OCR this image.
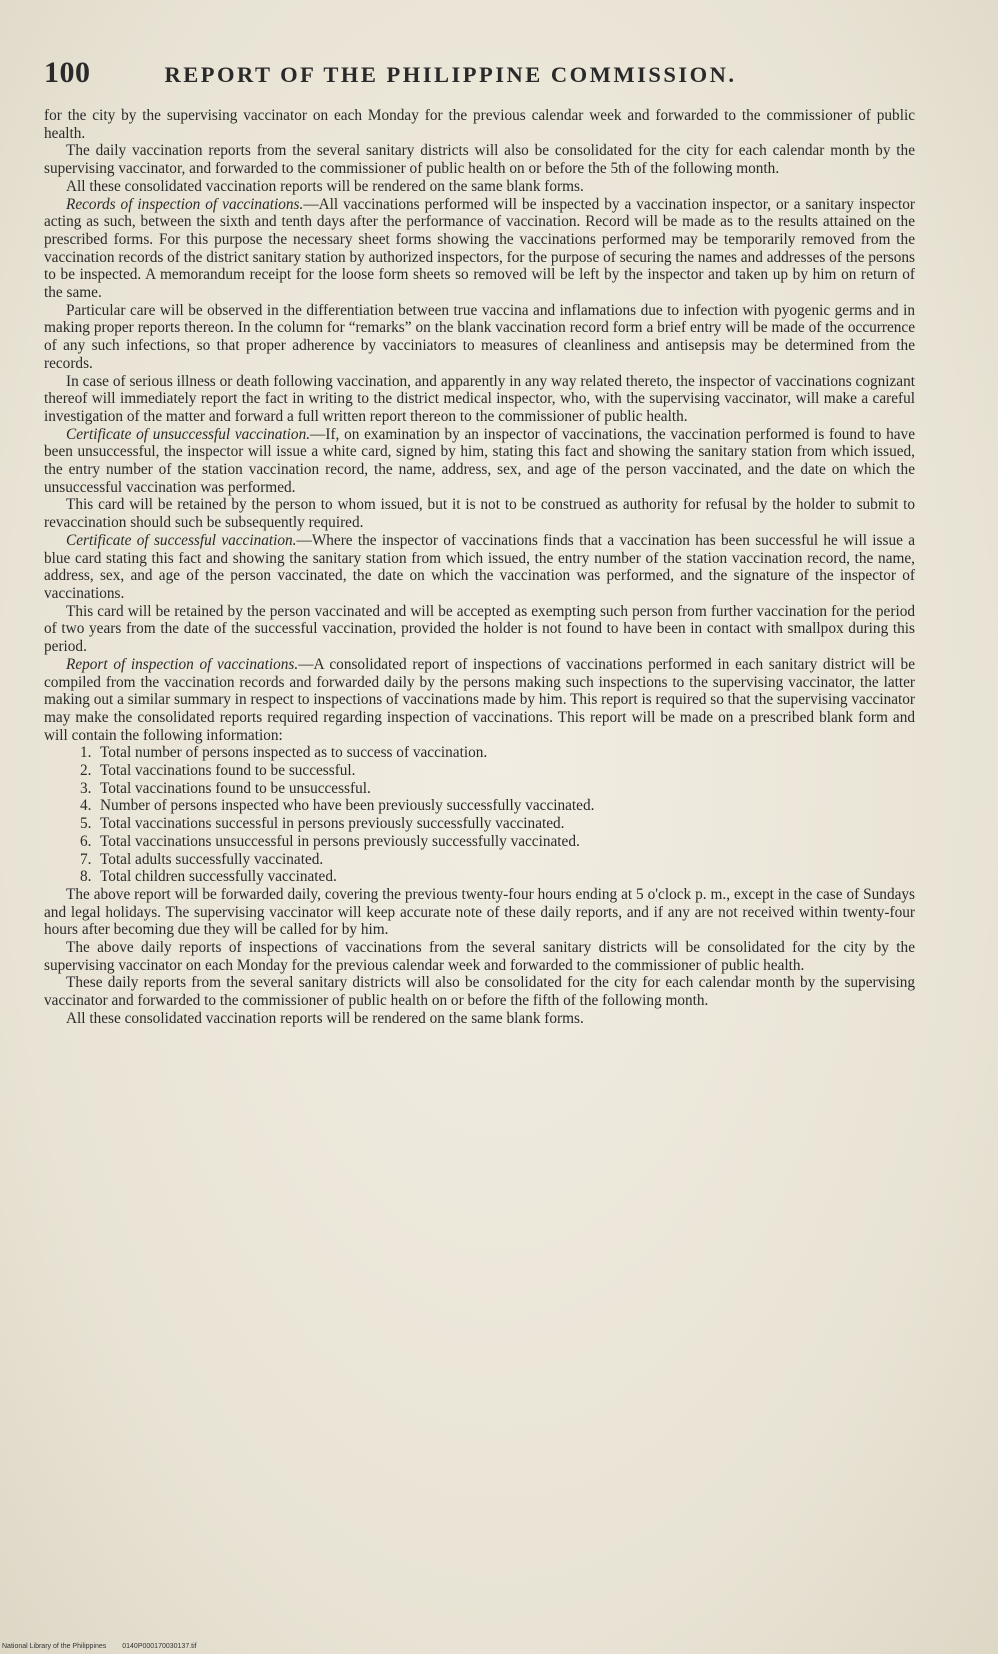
100	REPORT OF THE PHILIPPINE COMMISSION.

for the city by the supervising vaccinator on each Monday for the previous calendar week and forwarded to the commissioner of public health.

The daily vaccination reports from the several sanitary districts will also be consolidated for the city for each calendar month by the supervising vaccinator, and forwarded to the commissioner of public health on or before the 5th of the following month.

All these consolidated vaccination reports will be rendered on the same blank forms.

Records of inspection of vaccinations.—All vaccinations performed will be inspected by a vaccination inspector, or a sanitary inspector acting as such, between the sixth and tenth days after the performance of vaccination. Record will be made as to the results attained on the prescribed forms. For this purpose the necessary sheet forms showing the vaccinations performed may be temporarily removed from the vaccination records of the district sanitary station by authorized inspectors, for the purpose of securing the names and addresses of the persons to be inspected. A memorandum receipt for the loose form sheets so removed will be left by the inspector and taken up by him on return of the same.

Particular care will be observed in the differentiation between true vaccina and inflamations due to infection with pyogenic germs and in making proper reports thereon. In the column for “remarks” on the blank vaccination record form a brief entry will be made of the occurrence of any such infections, so that proper adherence by vacciniators to measures of cleanliness and antisepsis may be determined from the records.

In case of serious illness or death following vaccination, and apparently in any way related thereto, the inspector of vaccinations cognizant thereof will immediately report the fact in writing to the district medical inspector, who, with the supervising vaccinator, will make a careful investigation of the matter and forward a full written report thereon to the commissioner of public health.

Certificate of unsuccessful vaccination.—If, on examination by an inspector of vaccinations, the vaccination performed is found to have been unsuccessful, the inspector will issue a white card, signed by him, stating this fact and showing the sanitary station from which issued, the entry number of the station vaccination record, the name, address, sex, and age of the person vaccinated, and the date on which the unsuccessful vaccination was performed.

This card will be retained by the person to whom issued, but it is not to be construed as authority for refusal by the holder to submit to revaccination should such be subsequently required.

Certificate of successful vaccination.—Where the inspector of vaccinations finds that a vaccination has been successful he will issue a blue card stating this fact and showing the sanitary station from which issued, the entry number of the station vaccination record, the name, address, sex, and age of the person vaccinated, the date on which the vaccination was performed, and the signature of the inspector of vaccinations.

This card will be retained by the person vaccinated and will be accepted as exempting such person from further vaccination for the period of two years from the date of the successful vaccination, provided the holder is not found to have been in contact with smallpox during this period.

Report of inspection of vaccinations.—A consolidated report of inspections of vaccinations performed in each sanitary district will be compiled from the vaccination records and forwarded daily by the persons making such inspections to the supervising vaccinator, the latter making out a similar summary in respect to inspections of vaccinations made by him. This report is required so that the supervising vaccinator may make the consolidated reports required regarding inspection of vaccinations. This report will be made on a prescribed blank form and will contain the following information:

1. Total number of persons inspected as to success of vaccination.
2. Total vaccinations found to be successful.
3. Total vaccinations found to be unsuccessful.
4. Number of persons inspected who have been previously successfully vaccinated.
5. Total vaccinations successful in persons previously successfully vaccinated.
6. Total vaccinations unsuccessful in persons previously successfully vaccinated.
7. Total adults successfully vaccinated.
8. Total children successfully vaccinated.

The above report will be forwarded daily, covering the previous twenty-four hours ending at 5 o'clock p. m., except in the case of Sundays and legal holidays. The supervising vaccinator will keep accurate note of these daily reports, and if any are not received within twenty-four hours after becoming due they will be called for by him.

The above daily reports of inspections of vaccinations from the several sanitary districts will be consolidated for the city by the supervising vaccinator on each Monday for the previous calendar week and forwarded to the commissioner of public health.

These daily reports from the several sanitary districts will also be consolidated for the city for each calendar month by the supervising vaccinator and forwarded to the commissioner of public health on or before the fifth of the following month.

All these consolidated vaccination reports will be rendered on the same blank forms.

National Library of the Philippines 0140P000170030137.tif
